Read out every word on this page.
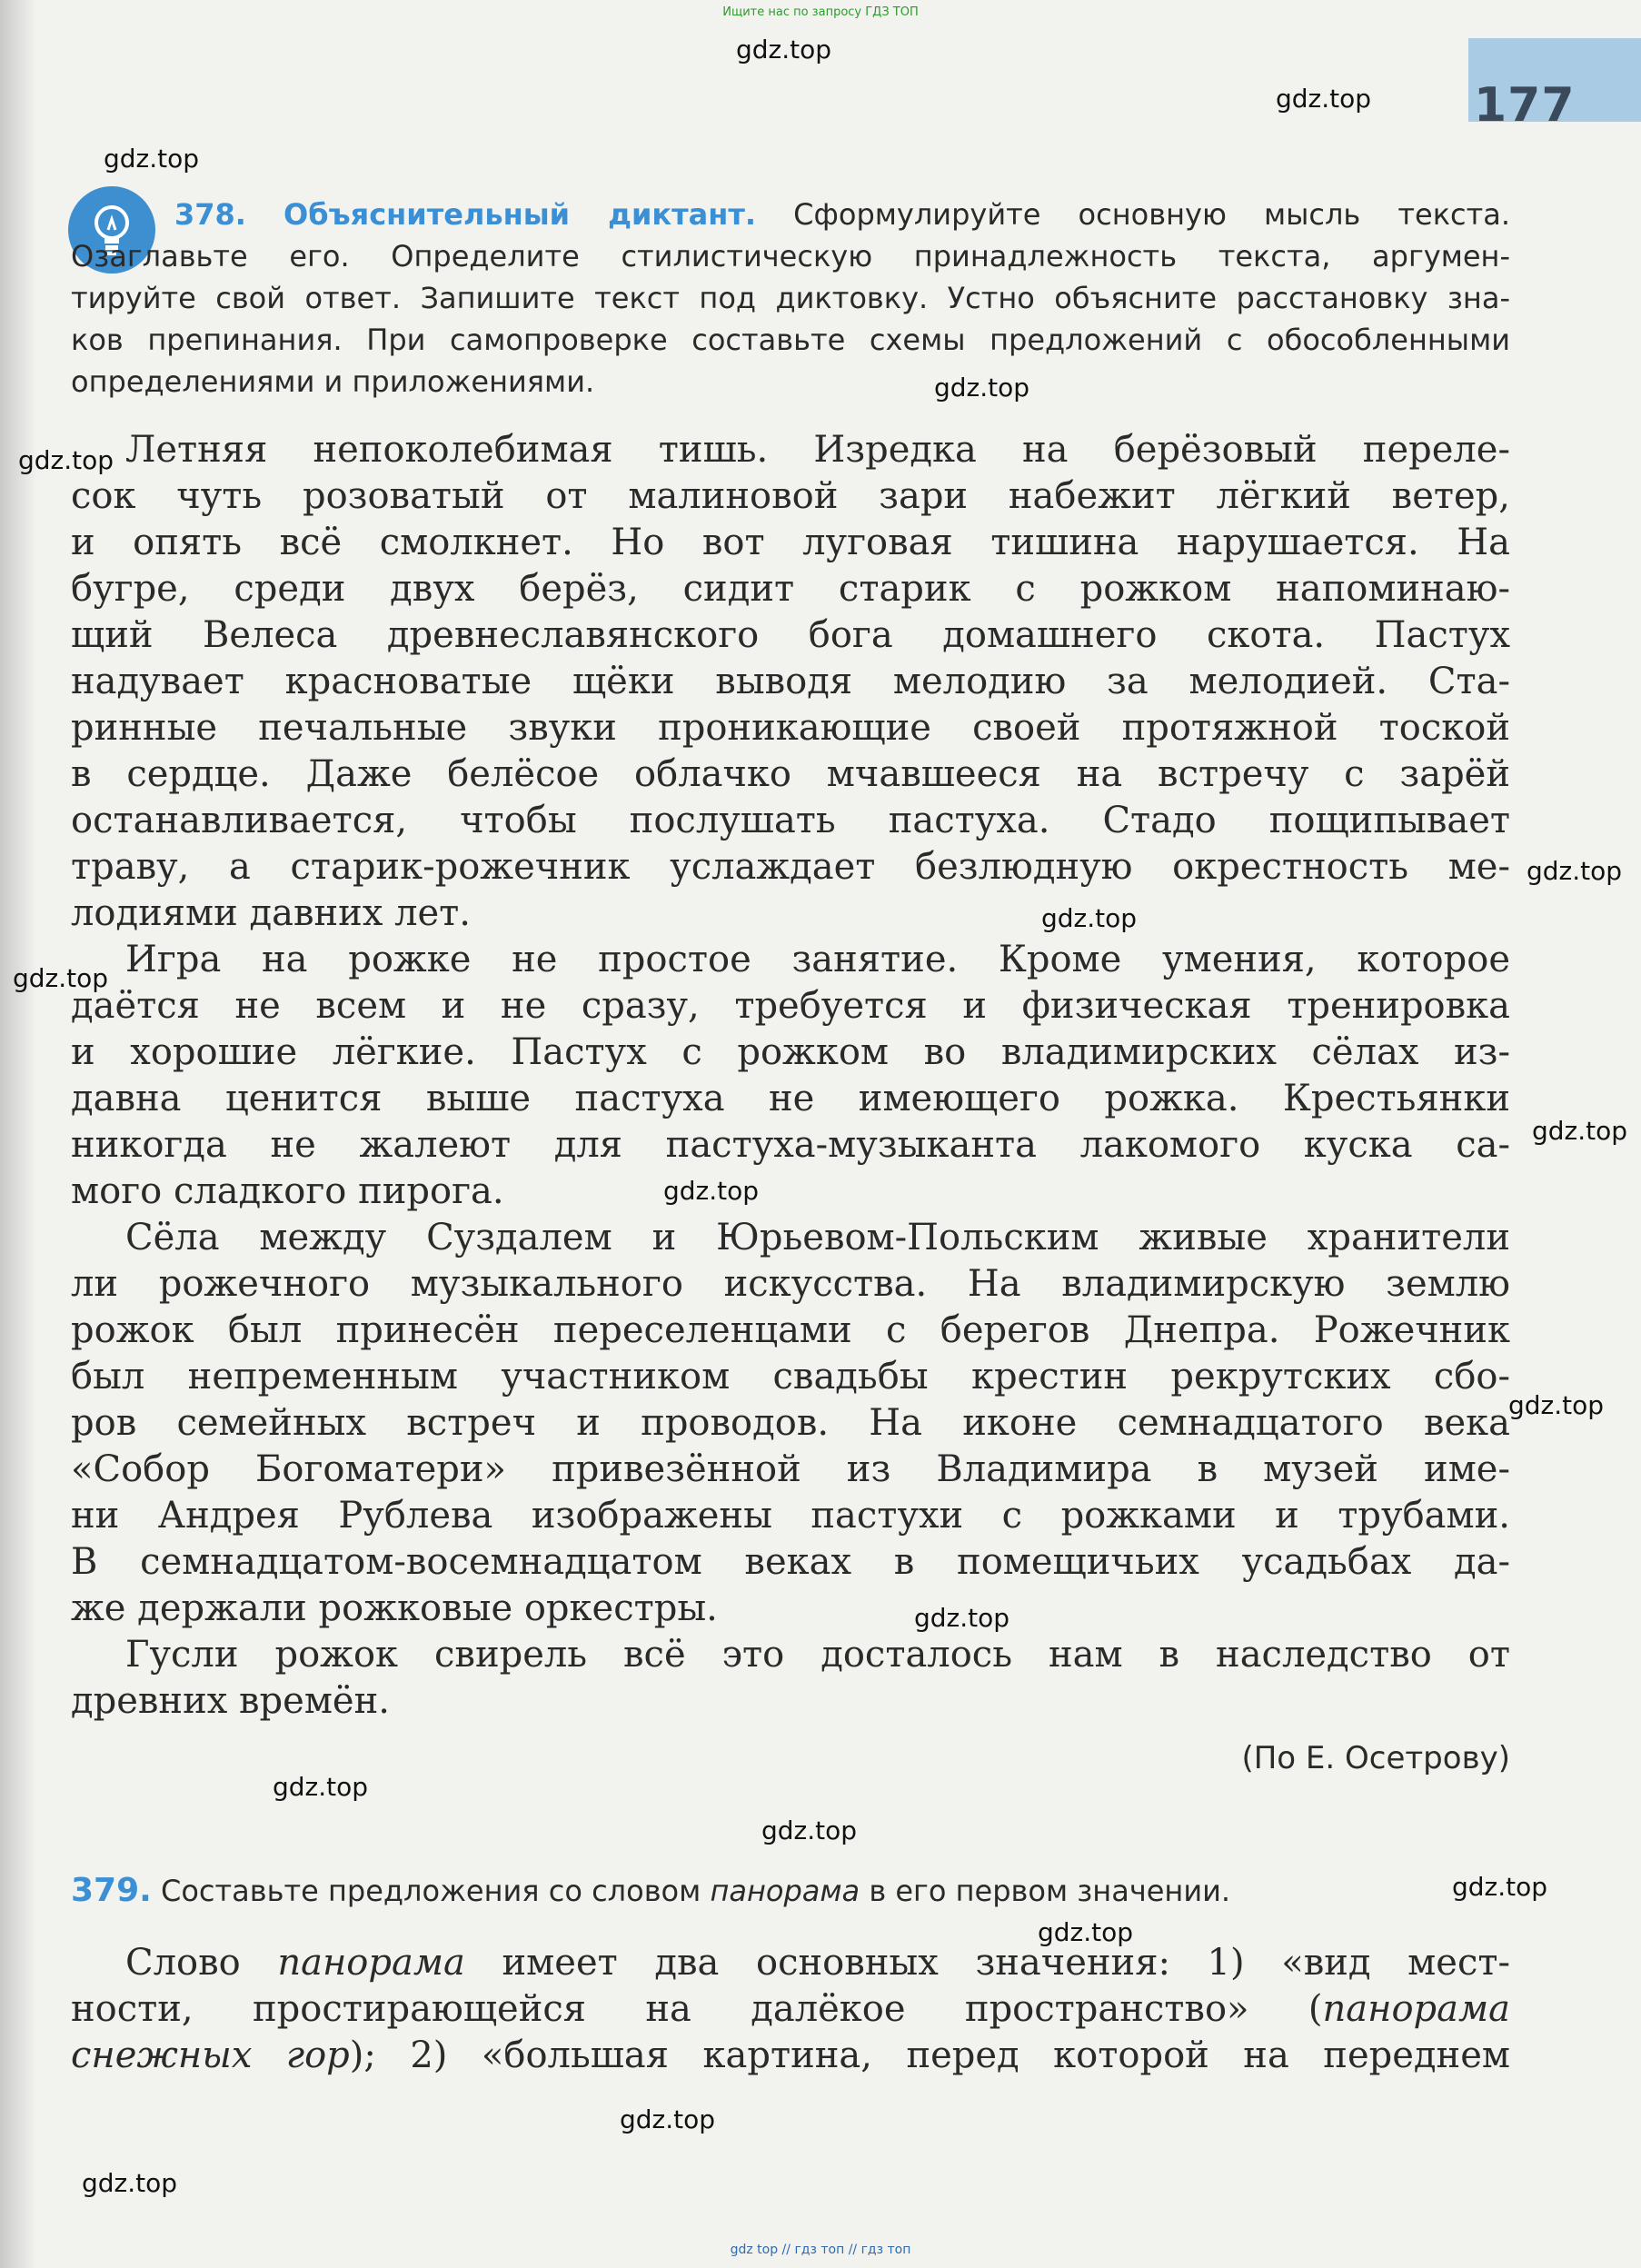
Ищите нас по запросу ГДЗ ТОП
177
gdz.top
gdz.top
gdz.top
gdz.top
gdz.top
gdz.top
gdz.top
gdz.top
gdz.top
gdz.top
gdz.top
gdz.top
gdz.top
gdz.top
gdz.top
gdz.top
gdz.top
gdz.top
378. Объяснительный диктант. Сформулируйте основную мысль текста.
Озаглавьте его. Определите стилистическую принадлежность текста, аргумен-
тируйте свой ответ. Запишите текст под диктовку. Устно объясните расстановку зна-
ков препинания. При самопроверке составьте схемы предложений с обособленными
определениями и приложениями.

Летняя непоколебимая тишь. Изредка на берёзовый переле-
сок чуть розоватый от малиновой зари набежит лёгкий ветер,
и опять всё смолкнет. Но вот луговая тишина нарушается. На
бугре, среди двух берёз, сидит старик с рожком напоминаю-
щий Велеса древнеславянского бога домашнего скота. Пастух
надувает красноватые щёки выводя мелодию за мелодией. Ста-
ринные печальные звуки проникающие своей протяжной тоской
в сердце. Даже белёсое облачко мчавшееся на встречу с зарёй
останавливается, чтобы послушать пастуха. Стадо пощипывает
траву, а старик-рожечник услаждает безлюдную окрестность ме-
лодиями давних лет.

Игра на рожке не простое занятие. Кроме умения, которое
даётся не всем и не сразу, требуется и физическая тренировка
и хорошие лёгкие. Пастух с рожком во владимирских сёлах из-
давна ценится выше пастуха не имеющего рожка. Крестьянки
никогда не жалеют для пастуха-музыканта лакомого куска са-
мого сладкого пирога.

Сёла между Суздалем и Юрьевом-Польским живые хранители
ли рожечного музыкального искусства. На владимирскую землю
рожок был принесён переселенцами с берегов Днепра. Рожечник
был непременным участником свадьбы крестин рекрутских сбо-
ров семейных встреч и проводов. На иконе семнадцатого века
«Собор Богоматери» привезённой из Владимира в музей име-
ни Андрея Рублева изображены пастухи с рожками и трубами.
В семнадцатом-восемнадцатом веках в помещичьих усадьбах да-
же держали рожковые оркестры.

Гусли рожок свирель всё это досталось нам в наследство от
древних времён.

(По Е. Осетрову)
379. Составьте предложения со словом панорама в его первом значении.
Слово панорама имеет два основных значения: 1) «вид мест-
ности, простирающейся на далёкое пространство» (панорама
снежных гор); 2) «большая картина, перед которой на переднем
gdz top // гдз топ // гдз топ
